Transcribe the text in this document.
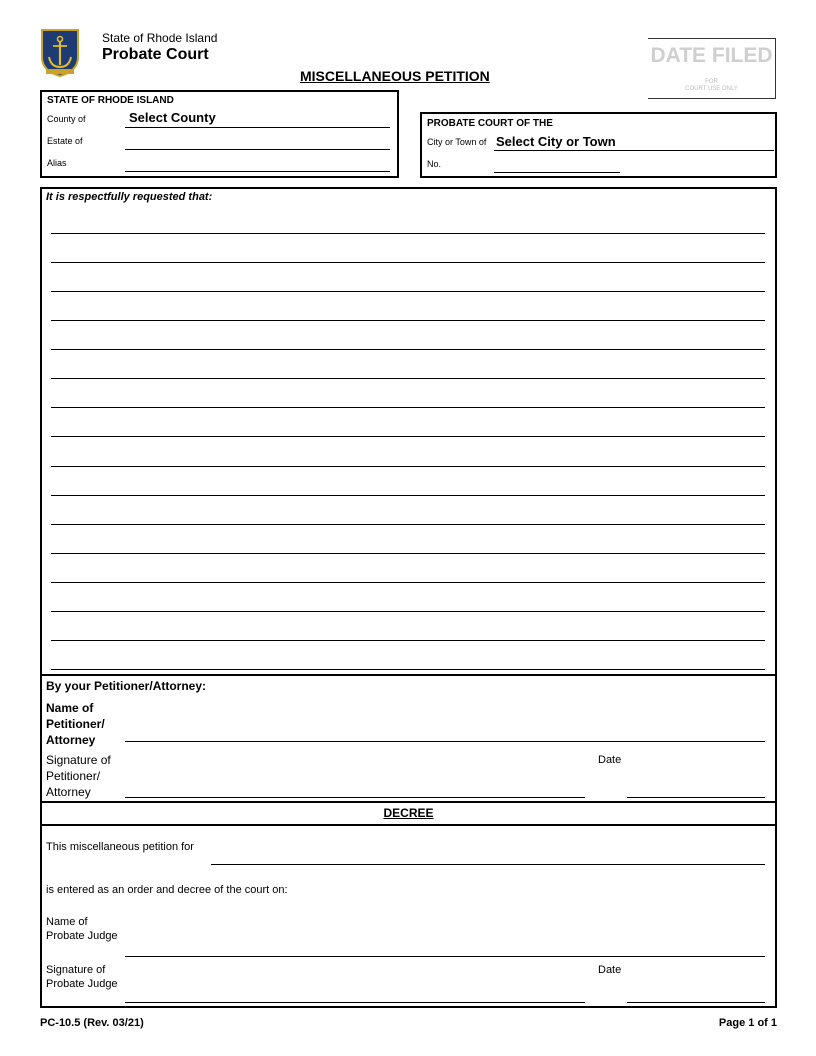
State of Rhode Island
Probate Court
MISCELLANEOUS PETITION
DATE FILED
FOR
COURT USE ONLY
STATE OF RHODE ISLAND
County of	Select County
Estate of
Alias
PROBATE COURT OF THE
City or Town of Select City or Town
No.
It is respectfully requested that:
By your Petitioner/Attorney:
Name of
Petitioner/
Attorney
Signature of
Petitioner/
Attorney
Date
DECREE
This miscellaneous petition for
is entered as an order and decree of the court on:
Name of
Probate Judge
Signature of
Probate Judge
Date
PC-10.5 (Rev. 03/21)	Page 1 of 1
